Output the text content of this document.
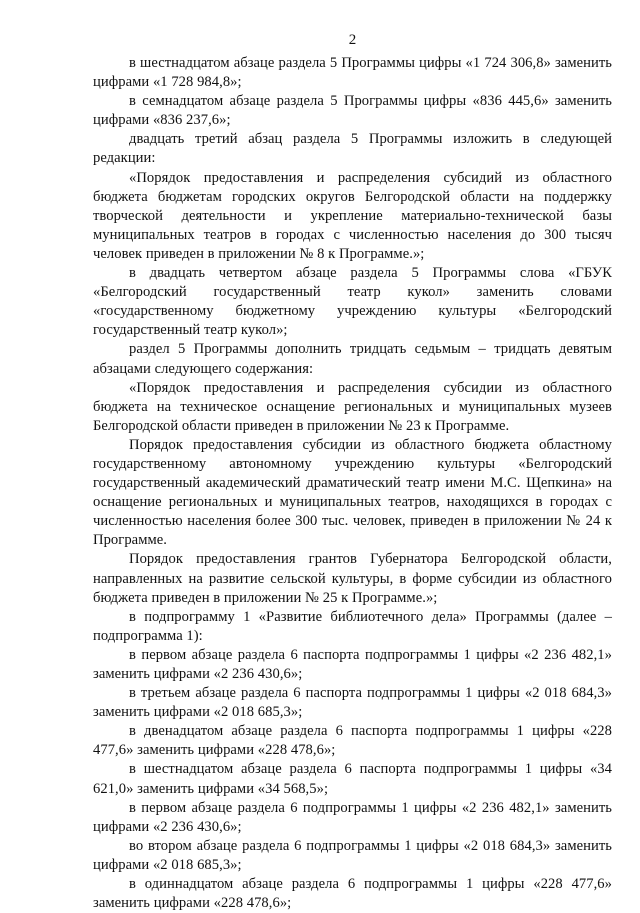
2

в шестнадцатом абзаце раздела 5 Программы цифры «1 724 306,8» заменить цифрами «1 728 984,8»;

в семнадцатом абзаце раздела 5 Программы цифры «836 445,6» заменить цифрами «836 237,6»;

двадцать третий абзац раздела 5 Программы изложить в следующей редакции:

«Порядок предоставления и распределения субсидий из областного бюджета бюджетам городских округов Белгородской области на поддержку творческой деятельности и укрепление материально-технической базы муниципальных театров в городах с численностью населения до 300 тысяч человек приведен в приложении № 8 к Программе.»;

в двадцать четвертом абзаце раздела 5 Программы слова «ГБУК «Белгородский государственный театр кукол» заменить словами «государственному бюджетному учреждению культуры «Белгородский государственный театр кукол»;

раздел 5 Программы дополнить тридцать седьмым – тридцать девятым абзацами следующего содержания:

«Порядок предоставления и распределения субсидии из областного бюджета на техническое оснащение региональных и муниципальных музеев Белгородской области приведен в приложении № 23 к Программе.

Порядок предоставления субсидии из областного бюджета областному государственному автономному учреждению культуры «Белгородский государственный академический драматический театр имени М.С. Щепкина» на оснащение региональных и муниципальных театров, находящихся в городах с численностью населения более 300 тыс. человек, приведен в приложении № 24 к Программе.

Порядок предоставления грантов Губернатора Белгородской области, направленных на развитие сельской культуры, в форме субсидии из областного бюджета приведен в приложении № 25 к Программе.»;

в подпрограмму 1 «Развитие библиотечного дела» Программы (далее – подпрограмма 1):

в первом абзаце раздела 6 паспорта подпрограммы 1 цифры «2 236 482,1» заменить цифрами «2 236 430,6»;

в третьем абзаце раздела 6 паспорта подпрограммы 1 цифры «2 018 684,3» заменить цифрами «2 018 685,3»;

в двенадцатом абзаце раздела 6 паспорта подпрограммы 1 цифры «228 477,6» заменить цифрами «228 478,6»;

в шестнадцатом абзаце раздела 6 паспорта подпрограммы 1 цифры «34 621,0» заменить цифрами «34 568,5»;

в первом абзаце раздела 6 подпрограммы 1 цифры «2 236 482,1» заменить цифрами «2 236 430,6»;

во втором абзаце раздела 6 подпрограммы 1 цифры «2 018 684,3» заменить цифрами «2 018 685,3»;

в одиннадцатом абзаце раздела 6 подпрограммы 1 цифры «228 477,6» заменить цифрами «228 478,6»;
